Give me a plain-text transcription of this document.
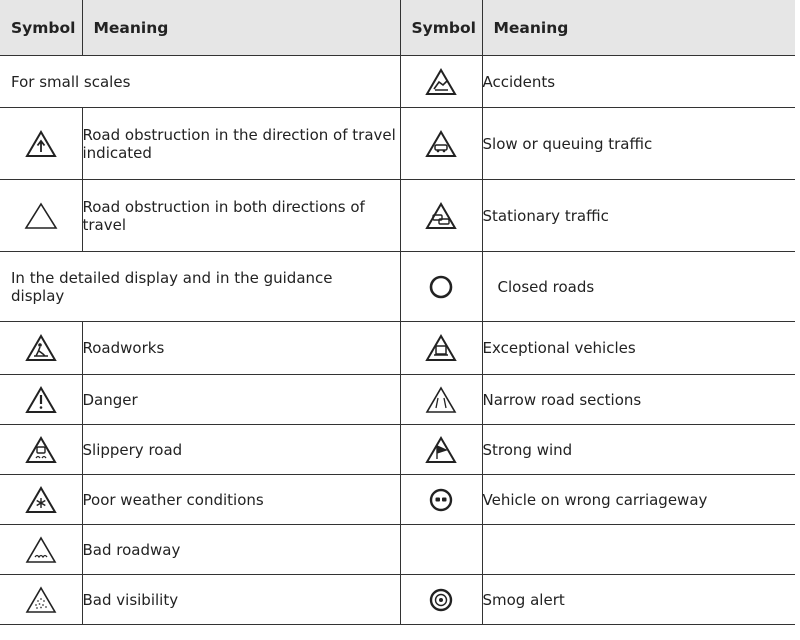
Symbol	Meaning	Symbol	Meaning
For small scales			Accidents
	Road obstruction in the direction of travel indicated		Slow or queuing traffic
	Road obstruction in both directions of travel		Stationary traffic
In the detailed display and in the guidance display			Closed roads
	Roadworks		Exceptional vehicles
	Danger		Narrow road sections
	Slippery road		Strong wind
	Poor weather conditions		Vehicle on wrong carriageway
	Bad roadway		
	Bad visibility		Smog alert
